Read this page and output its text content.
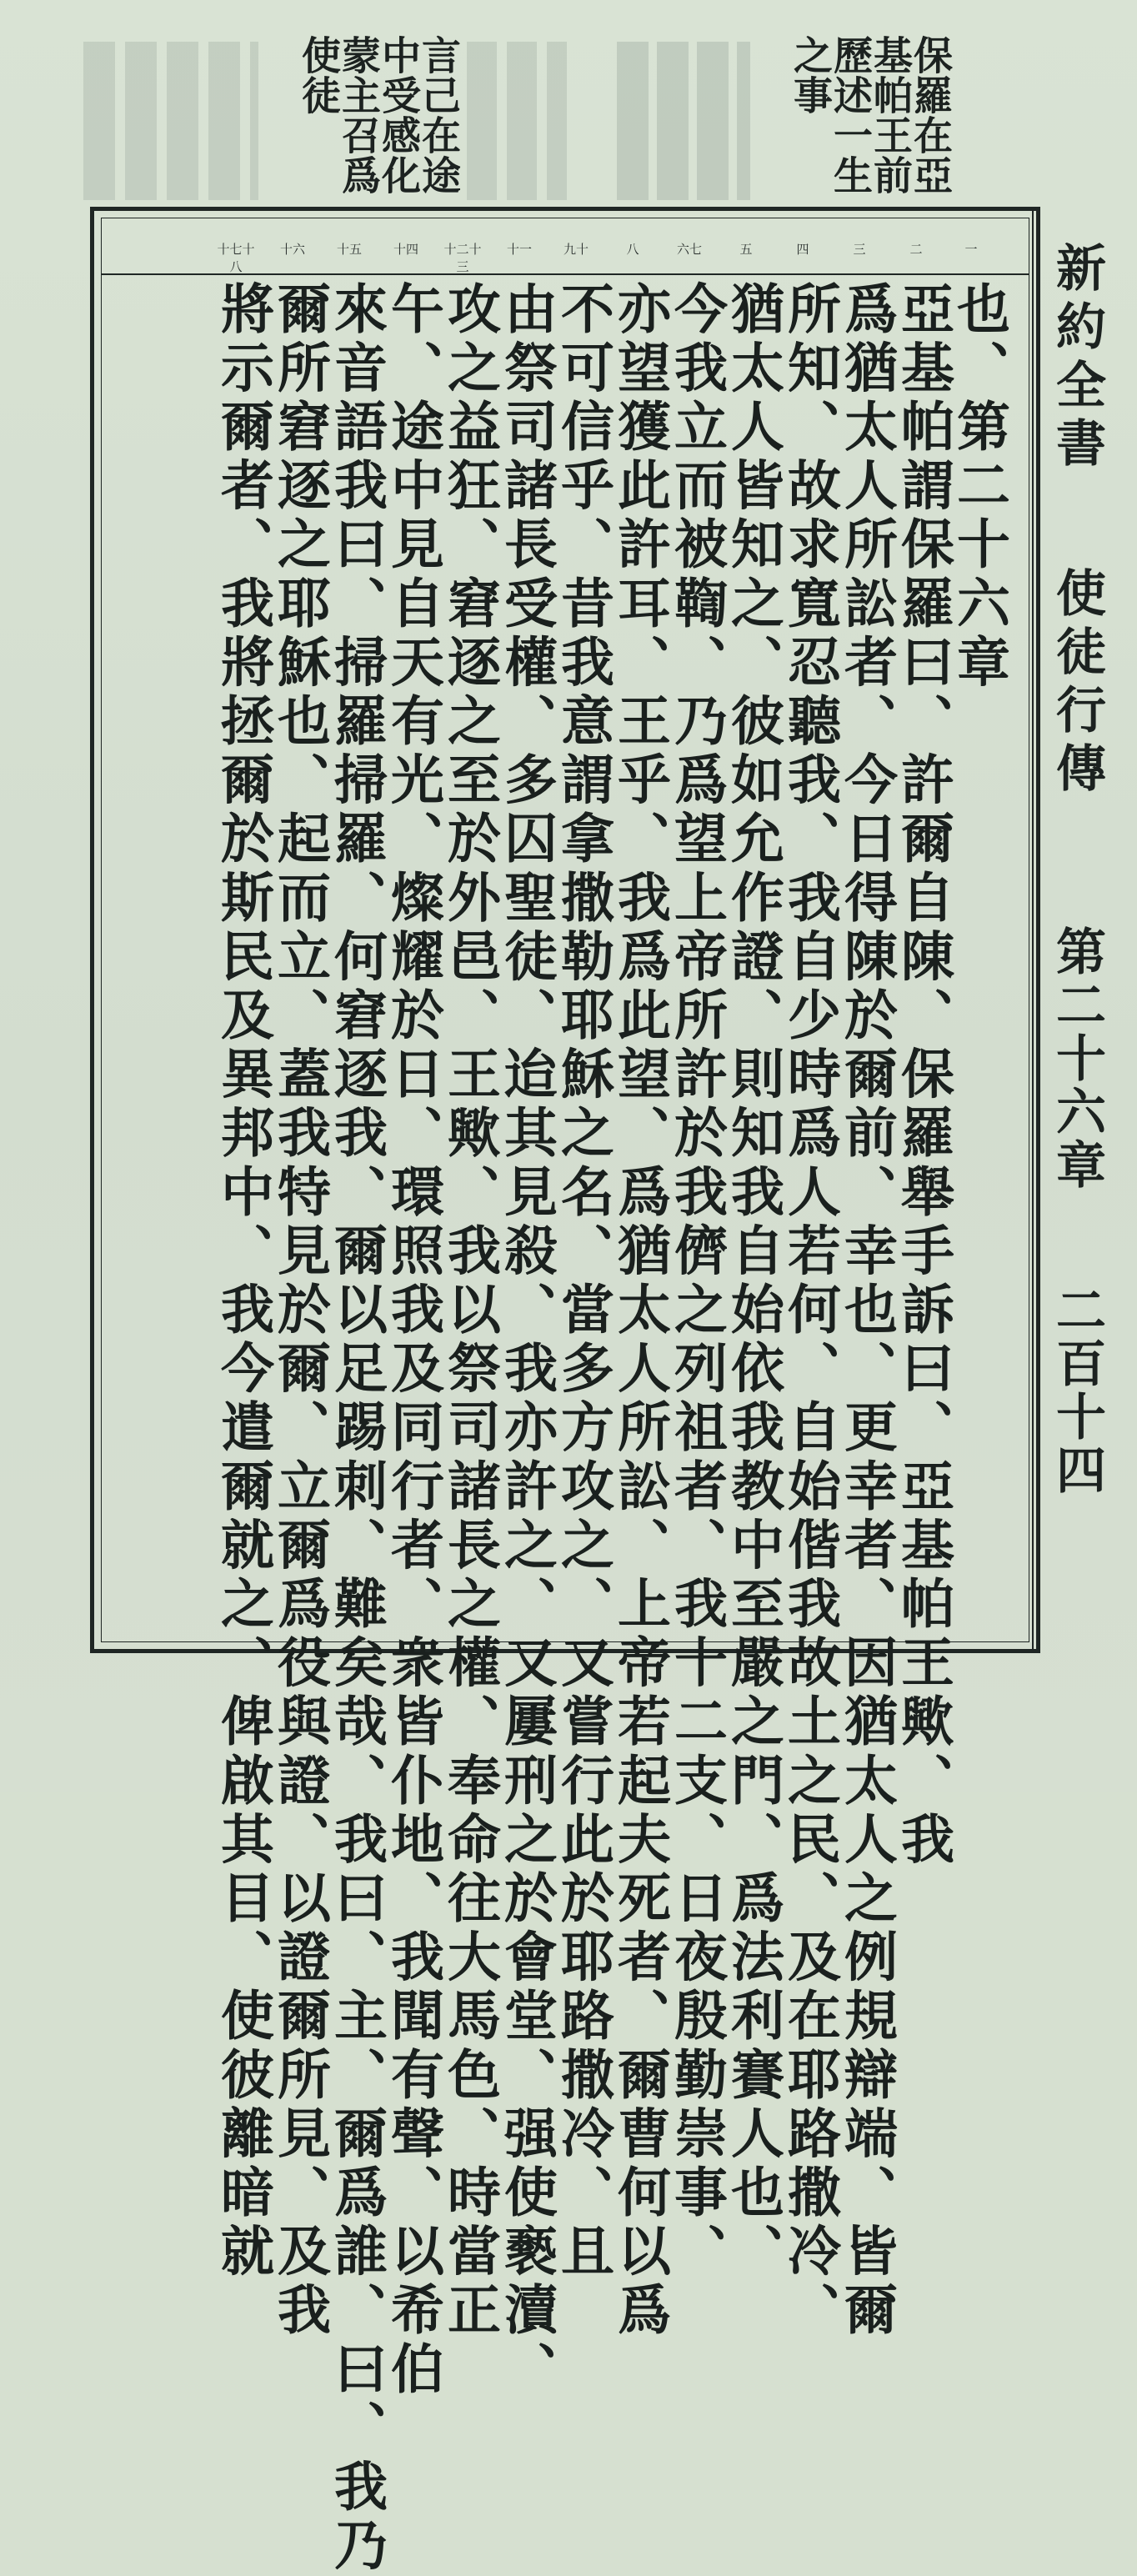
保羅在亞
基帕王前
歷述一生
之事
言己在途
中受感化
蒙主召爲
使徒
一
二
三
四
五
六七
八
九十
十一
十二十三
十四
十五
十六
十七十八
也、第二十六章
亞基帕謂保羅曰、許爾自陳、保羅舉手訴曰、亞基帕王歟、我
爲猶太人所訟者、今日得陳於爾前、幸也、更幸者、因猶太人之例規辯端、皆爾
所知、故求寬忍聽我、我自少時爲人若何、自始偕我故土之民、及在耶路撒冷、
猶太人皆知之、彼如允作證、則知我自始依我教中至嚴之門、爲法利賽人也、
今我立而被鞫、乃爲望上帝所許於我儕之列祖者、我十二支、日夜殷勤崇事、
亦望獲此許耳、王乎、我爲此望、爲猶太人所訟、上帝若起夫死者、爾曹何以爲
不可信乎、昔我意謂拿撒勒耶穌之名、當多方攻之、又嘗行此於耶路撒冷、且
由祭司諸長受權、多囚聖徒、迨其見殺、我亦許之、又屢刑之於會堂、强使褻瀆、
攻之益狂、窘逐之至於外邑、王歟、我以祭司諸長之權、奉命往大馬色、時當正
午、途中見自天有光、燦耀於日、環照我及同行者、衆皆仆地、我聞有聲、以希伯
來音語我曰、掃羅掃羅、何窘逐我、爾以足踢刺、難矣哉、我曰、主、爾爲誰、曰、我乃
爾所窘逐之耶穌也、起而立、蓋我特見於爾、立爾爲役與證、以證爾所見、及我
將示爾者、我將拯爾於斯民及異邦中、我今遣爾就之、俾啟其目、使彼離暗就	新約全書
使徒行傳
第二十六章
二百十四
